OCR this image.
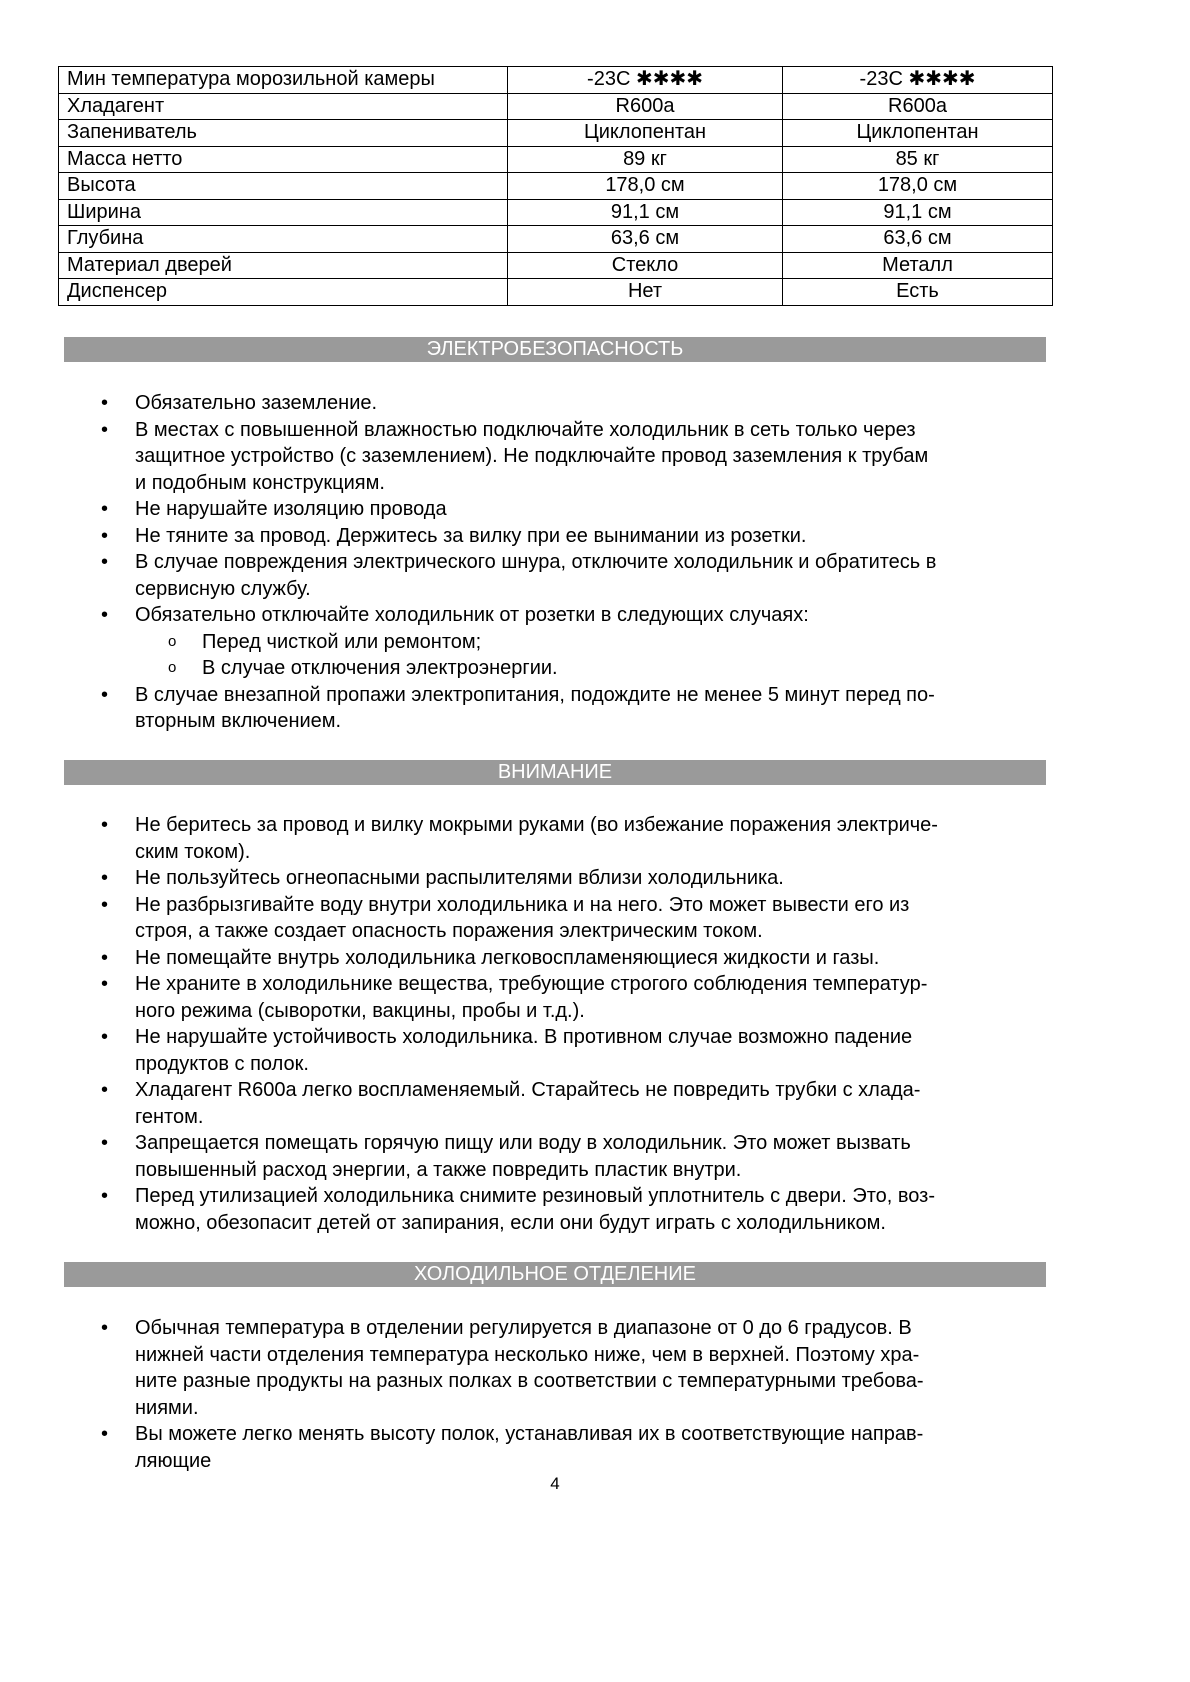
Мин температура морозильной камеры	-23C ✱✱✱✱	-23C ✱✱✱✱
Хладагент	R600a	R600a
Запениватель	Циклопентан	Циклопентан
Масса нетто	89 кг	85 кг
Высота	178,0 см	178,0 см
Ширина	91,1 см	91,1 см
Глубина	63,6 см	63,6 см
Материал дверей	Стекло	Металл
Диспенсер	Нет	Есть
ЭЛЕКТРОБЕЗОПАСНОСТЬ
• Обязательно заземление.
• В местах с повышенной влажностью подключайте холодильник в сеть только через
защитное устройство (с заземлением). Не подключайте провод заземления к трубам
и подобным конструкциям.
• Не нарушайте изоляцию провода
• Не тяните за провод. Держитесь за вилку при ее вынимании из розетки.
• В случае повреждения электрического шнура, отключите холодильник и обратитесь в
сервисную службу.
• Обязательно отключайте холодильник от розетки в следующих случаях:
o Перед чисткой или ремонтом;
o В случае отключения электроэнергии.
• В случае внезапной пропажи электропитания, подождите не менее 5 минут перед по-
вторным включением.
ВНИМАНИЕ
• Не беритесь за провод и вилку мокрыми руками (во избежание поражения электриче-
ским током).
• Не пользуйтесь огнеопасными распылителями вблизи холодильника.
• Не разбрызгивайте воду внутри холодильника и на него. Это может вывести его из
строя, а также создает опасность поражения электрическим током.
• Не помещайте внутрь холодильника легковоспламеняющиеся жидкости и газы.
• Не храните в холодильнике вещества, требующие строгого соблюдения температур-
ного режима (сыворотки, вакцины, пробы и т.д.).
• Не нарушайте устойчивость холодильника. В противном случае возможно падение
продуктов с полок.
• Хладагент R600a легко воспламеняемый. Старайтесь не повредить трубки с хлада-
гентом.
• Запрещается помещать горячую пищу или воду в холодильник. Это может вызвать
повышенный расход энергии, а также повредить пластик внутри.
• Перед утилизацией холодильника снимите резиновый уплотнитель с двери. Это, воз-
можно, обезопасит детей от запирания, если они будут играть с холодильником.
ХОЛОДИЛЬНОЕ ОТДЕЛЕНИЕ
• Обычная температура в отделении регулируется в диапазоне от 0 до 6 градусов. В
нижней части отделения температура несколько ниже, чем в верхней. Поэтому хра-
ните разные продукты на разных полках в соответствии с температурными требова-
ниями.
• Вы можете легко менять высоту полок, устанавливая их в соответствующие направ-
ляющие
4
